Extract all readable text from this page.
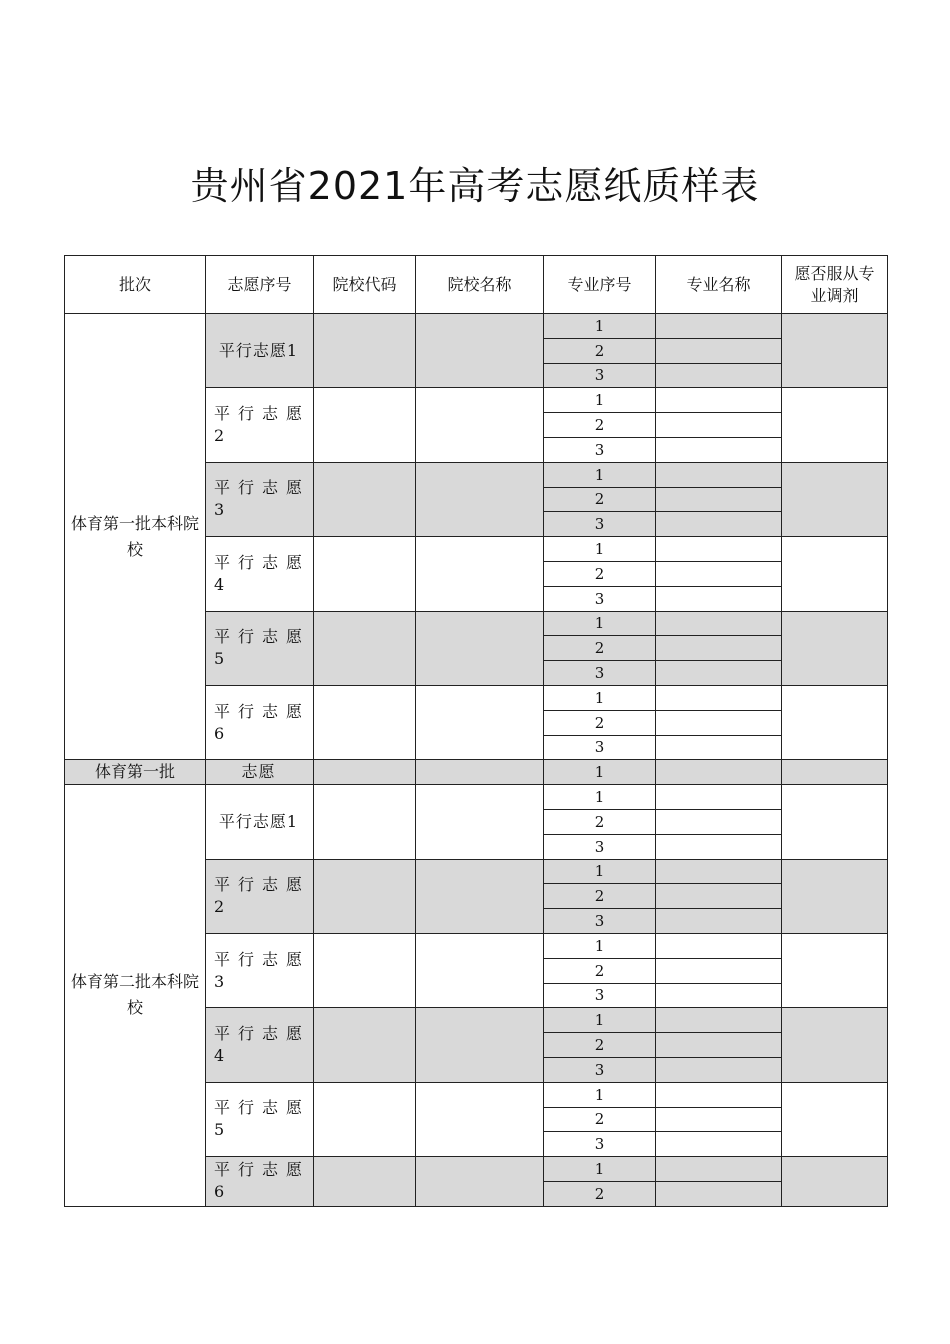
贵州省2021年高考志愿纸质样表
批次	志愿序号	院校代码	院校名称	专业序号	专业名称	愿否服从专业调剂
体育第一批本科院校	平行志愿1			1		
				2		
				3		
	平行志愿2			1		
				2		
				3		
	平行志愿3			1		
				2		
				3		
	平行志愿4			1		
				2		
				3		
	平行志愿5			1		
				2		
				3		
	平行志愿6			1		
				2		
				3		
体育第一批	志愿			1		
体育第二批本科院校	平行志愿1			1		
				2		
				3		
	平行志愿2			1		
				2		
				3		
	平行志愿3			1		
				2		
				3		
	平行志愿4			1		
				2		
				3		
	平行志愿5			1		
				2		
				3		
	平行志愿6			1		
				2		
